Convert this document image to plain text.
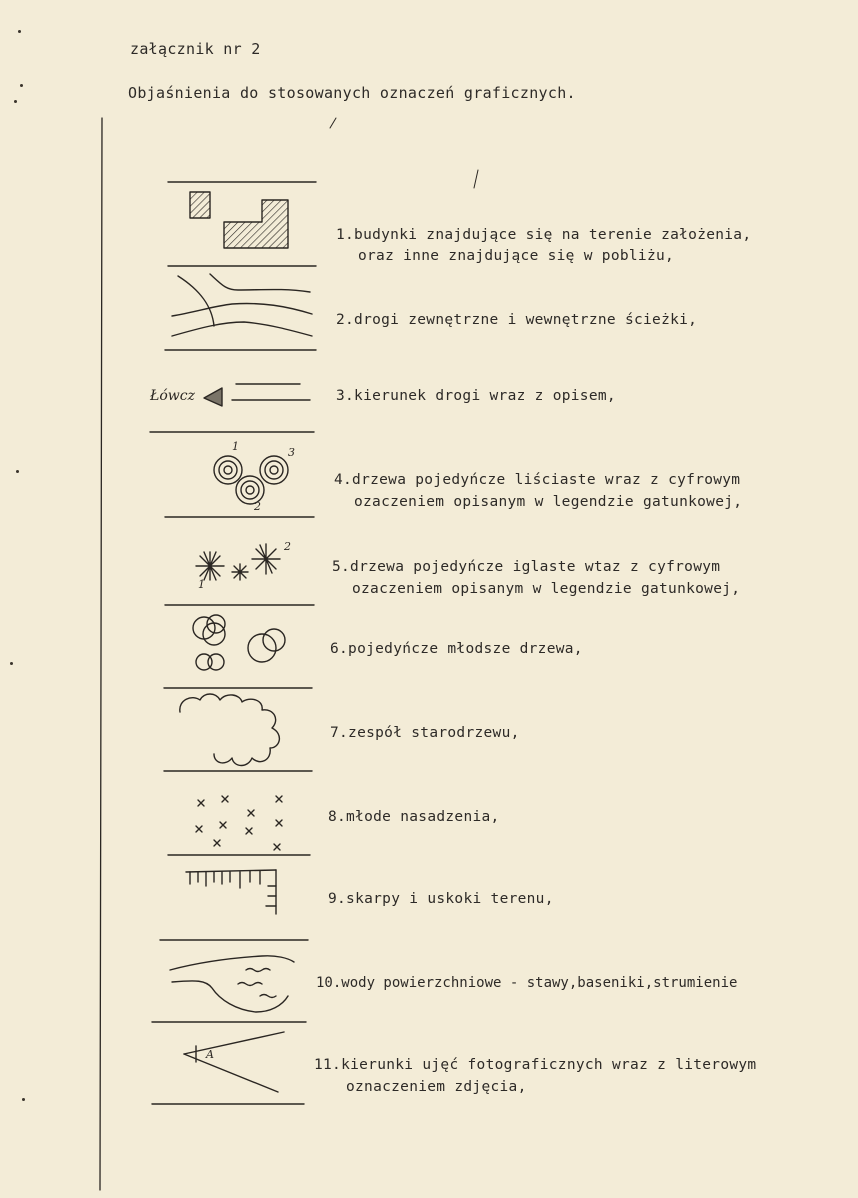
załącznik nr 2
Objaśnienia do stosowanych oznaczeń graficznych.
1.budynki znajdujące się na terenie założenia,
oraz inne znajdujące się w pobliżu,
2.drogi zewnętrzne i wewnętrzne ścieżki,
3.kierunek drogi wraz z opisem,
4.drzewa pojedyńcze liściaste wraz z cyfrowym
ozaczeniem opisanym w legendzie gatunkowej,
5.drzewa pojedyńcze iglaste wtaz z cyfrowym
ozaczeniem opisanym w legendzie gatunkowej,
6.pojedyńcze młodsze drzewa,
7.zespół starodrzewu,
8.młode nasadzenia,
9.skarpy i uskoki terenu,
10.wody powierzchniowe - stawy,baseniki,strumienie
11.kierunki ujęć fotograficznych wraz z literowym
oznaczeniem zdjęcia,
Łówcz
1
2
3
1
2
A
